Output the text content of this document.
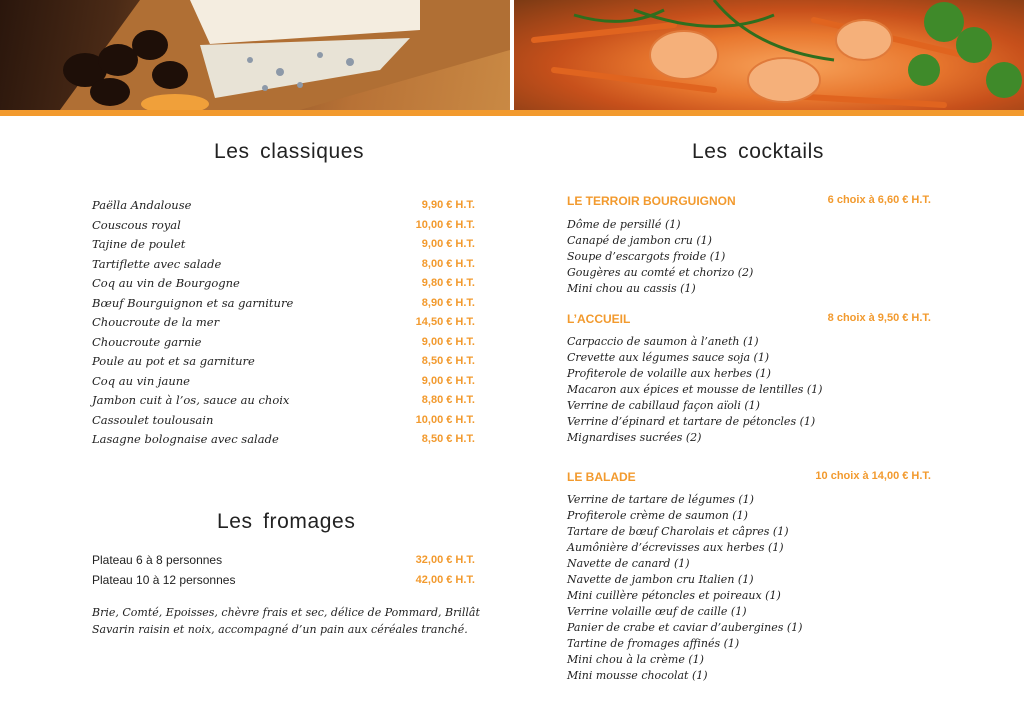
Les classiques
Paëlla Andalouse	9,90 € H.T.
Couscous royal	10,00 € H.T.
Tajine de poulet	9,00 € H.T.
Tartiflette avec salade	8,00 € H.T.
Coq au vin de Bourgogne	9,80 € H.T.
Bœuf Bourguignon et sa garniture	8,90 € H.T.
Choucroute de la mer	14,50 € H.T.
Choucroute garnie	9,00 € H.T.
Poule au pot et sa garniture	8,50 € H.T.
Coq au vin jaune	9,00 € H.T.
Jambon cuit à l’os, sauce au choix	8,80 € H.T.
Cassoulet toulousain	10,00 € H.T.
Lasagne bolognaise avec salade	8,50 € H.T.
Les fromages
Plateau 6 à 8 personnes	32,00 € H.T.
Plateau 10 à 12 personnes	42,00 € H.T.

Brie, Comté, Epoisses, chèvre frais et sec, délice de Pommard, Brillât Savarin raisin et noix, accompagné d’un pain aux céréales tranché.

Les cocktails
LE TERROIR BOURGUIGNON	6 choix à 6,60 € H.T.
Dôme de persillé (1)
Canapé de jambon cru (1)
Soupe d’escargots froide (1)
Gougères au comté et chorizo (2)
Mini chou au cassis (1)
L’ACCUEIL	8 choix à 9,50 € H.T.
Carpaccio de saumon à l’aneth (1)
Crevette aux légumes sauce soja (1)
Profiterole de volaille aux herbes (1)
Macaron aux épices et mousse de lentilles (1)
Verrine de cabillaud façon aïoli (1)
Verrine d’épinard et tartare de pétoncles (1)
Mignardises sucrées (2)
LE BALADE	10 choix à 14,00 € H.T.
Verrine de tartare de légumes (1)
Profiterole crème de saumon (1)
Tartare de bœuf Charolais et câpres (1)
Aumônière d’écrevisses aux herbes (1)
Navette de canard (1)
Navette de jambon cru Italien (1)
Mini cuillère pétoncles et poireaux (1)
Verrine volaille œuf de caille (1)
Panier de crabe et caviar d’aubergines (1)
Tartine de fromages affinés (1)
Mini chou à la crème (1)
Mini mousse chocolat (1)
